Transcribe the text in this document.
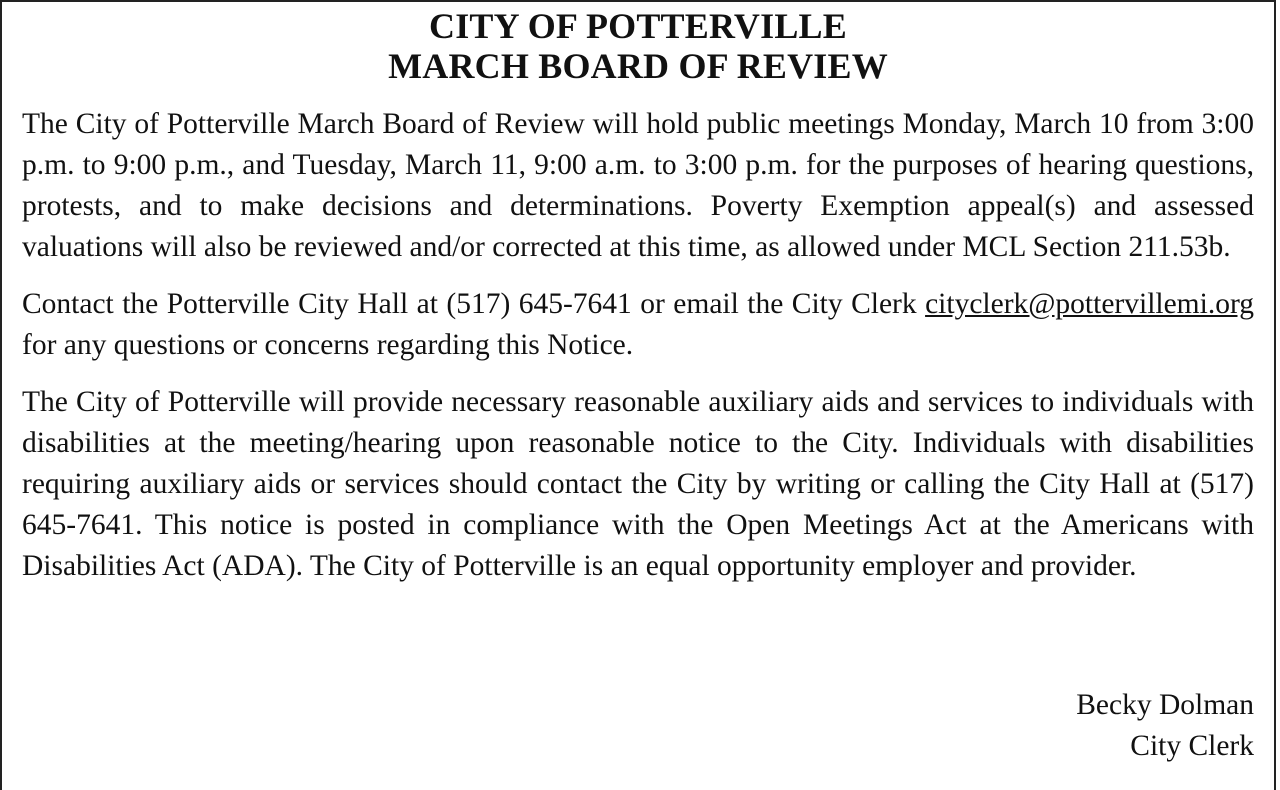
CITY OF POTTERVILLE
MARCH BOARD OF REVIEW

The City of Potterville March Board of Review will hold public meetings Monday, March 10 from 3:00 p.m. to 9:00 p.m., and Tuesday, March 11, 9:00 a.m. to 3:00 p.m. for the purposes of hearing questions, protests, and to make decisions and determinations. Poverty Exemption appeal(s) and assessed valuations will also be reviewed and/or corrected at this time, as allowed under MCL Section 211.53b.

Contact the Potterville City Hall at (517) 645-7641 or email the City Clerk cityclerk@pottervillemi.org for any questions or concerns regarding this Notice.

The City of Potterville will provide necessary reasonable auxiliary aids and services to individuals with disabilities at the meeting/hearing upon reasonable notice to the City. Individuals with disabilities requiring auxiliary aids or services should contact the City by writing or calling the City Hall at (517) 645-7641. This notice is posted in compliance with the Open Meetings Act at the Americans with Disabilities Act (ADA). The City of Potterville is an equal opportunity employer and provider.

Becky Dolman
City Clerk
